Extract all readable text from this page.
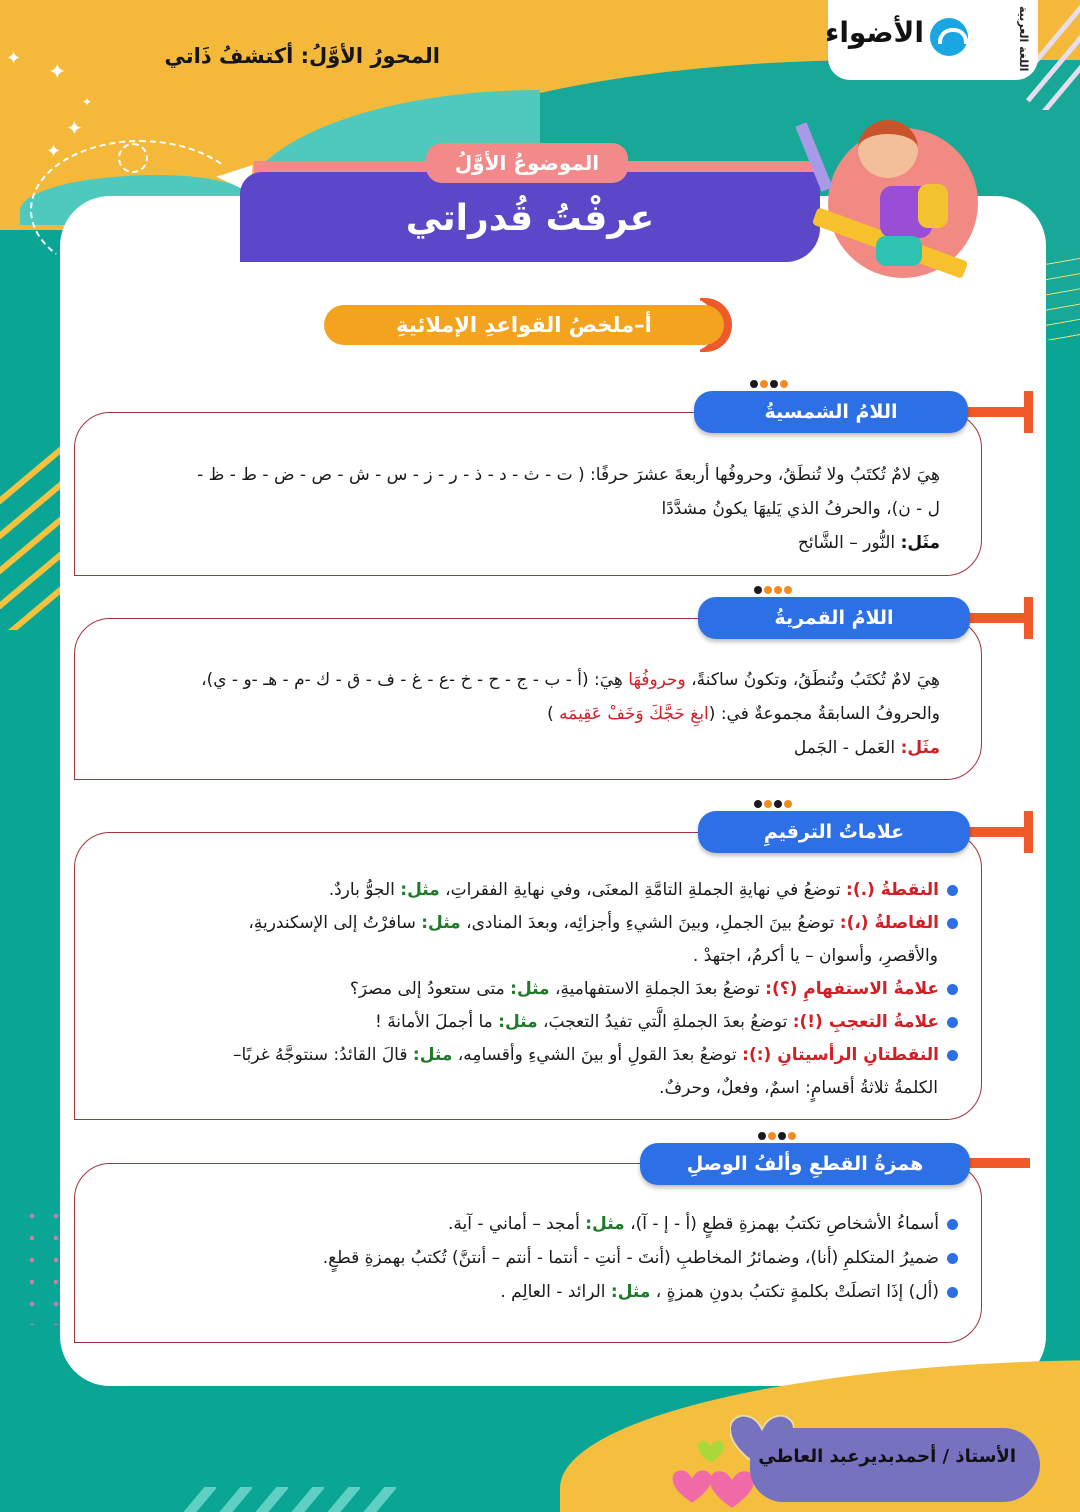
✦
✦
✦
✦
✦
الأضواء	اللغة العربية
المحورُ الأوَّلُ: أكتشفُ ذَاتي
الموضوعُ الأوَّلُ
عرفْتُ قُدراتي
أ–ملخصُ القواعدِ الإملائيةِ
اللامُ الشمسيةُ
هِيَ لامٌ تُكتَبُ ولا تُنطَقُ، وحروفُها أربعةَ عشرَ حرفًا: ( ت - ث - د - ذ - ر - ز - س - ش - ص - ض - ط - ظ -
ل - ن)، والحرفُ الذي يَليهَا يكونُ مشدَّدًا
مثَل: النُّور – الشَّائح
اللامُ القمريةُ
هِيَ لامٌ تُكتَبُ وتُنطَقُ، وتكونُ ساكنةً، وحروفُهَا هِيَ: (أ - ب - ج - ح - خ -ع - غ - ف - ق - ك -م - هـ -و - ي)،
والحروفُ السابقةُ مجموعةٌ في: (ابغِ حَجَّكَ وَخَفْ عَقِيمَه )
مثَل: العَمل - الجَمل
علاماتُ الترقيمِ
النقطةُ (.): توضعُ في نهايةِ الجملةِ التامَّةِ المعنَى، وفي نهايةِ الفقراتِ، مثل: الجوُّ باردٌ.
الفاصلةُ (،): توضعُ بينَ الجملِ، وبينَ الشيءِ وأجزائِه، وبعدَ المنادى، مثل: سافرْتُ إلى الإسكندريةِ،
والأقصرِ، وأسوان – يا أكرمُ، اجتهدْ .
علامةُ الاستفهامِ (؟): توضعُ بعدَ الجملةِ الاستفهاميةِ، مثل: متى ستعودُ إلى مصرَ؟
علامةُ التعجبِ (!): توضعُ بعدَ الجملةِ الَّتي تفيدُ التعجبَ، مثل: ما أجملَ الأمانةَ !
النقطتانِ الرأسيتانِ (:): توضعُ بعدَ القولِ أو بينَ الشيءِ وأقسامِه، مثل: قالَ القائدُ: سنتوجَّهُ غربًا–
الكلمةُ ثلاثةُ أقسامٍ: اسمٌ، وفعلٌ، وحرفٌ.
همزةُ القطعِ وألفُ الوصلِ
أسماءُ الأشخاصِ تكتبُ بهمزةِ قطعٍ (أ - إ - آ)، مثل: أمجد – أماني - آية.
ضميرُ المتكلمِ (أنا)، وضمائرُ المخاطبِ (أنتَ - أنتِ - أنتما - أنتم – أنتنَّ) تُكتبُ بهمزةِ قطعٍ.
(أل) إذَا اتصلَتْ بكلمةٍ تكتبُ بدونِ همزةٍ ، مثل: الرائد - العالِم .
الأستاذ / أحمدبديرعبد العاطي
